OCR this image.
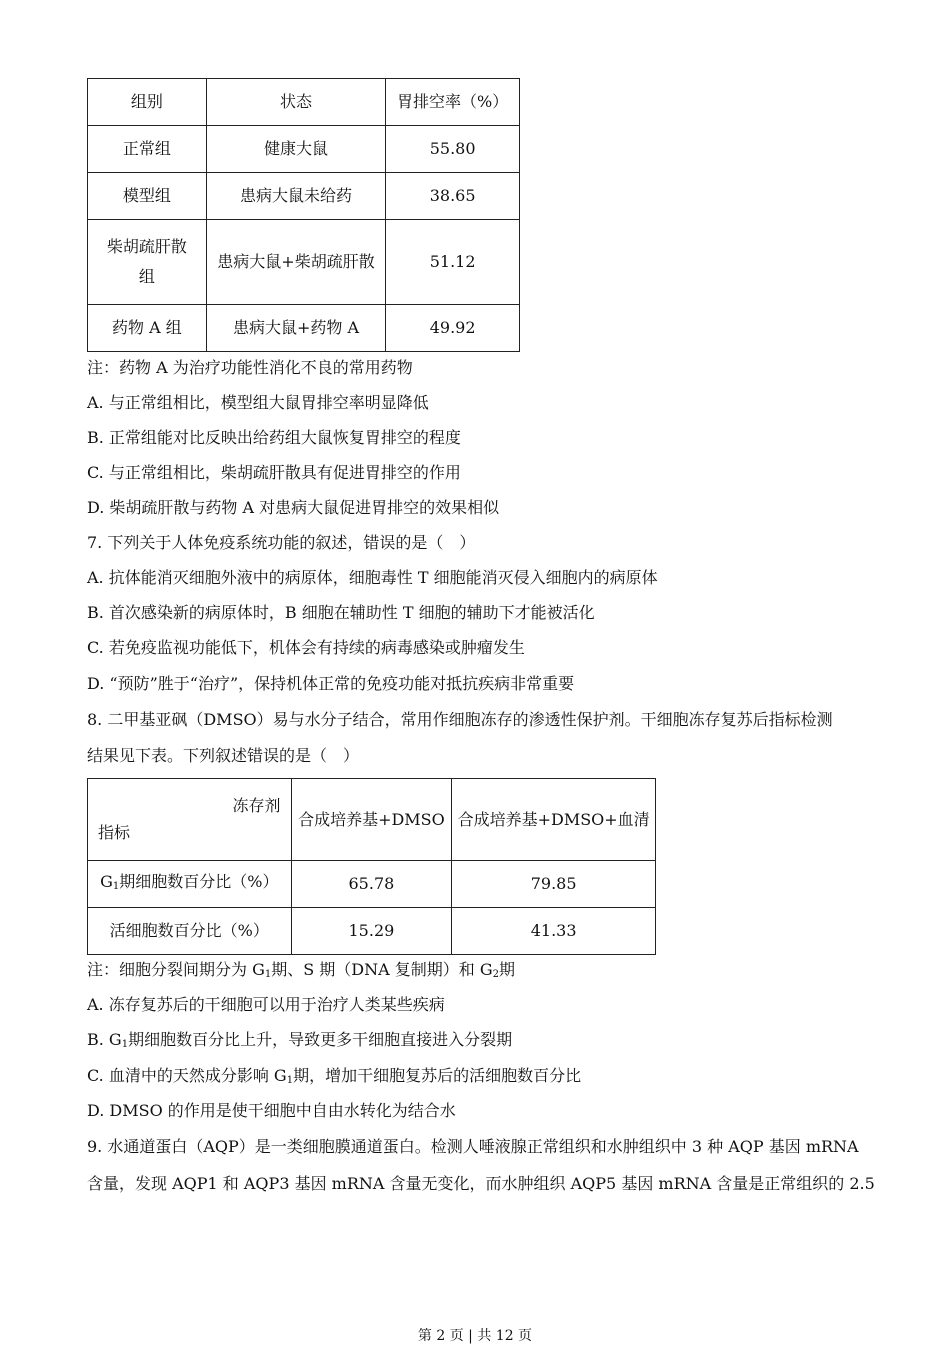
组别	状态	胃排空率（%）
正常组	健康大鼠	55.80
模型组	患病大鼠未给药	38.65
柴胡疏肝散组	患病大鼠+柴胡疏肝散	51.12
药物 A 组	患病大鼠+药物 A	49.92
注：药物 A 为治疗功能性消化不良的常用药物
A. 与正常组相比，模型组大鼠胃排空率明显降低
B. 正常组能对比反映出给药组大鼠恢复胃排空的程度
C. 与正常组相比，柴胡疏肝散具有促进胃排空的作用
D. 柴胡疏肝散与药物 A 对患病大鼠促进胃排空的效果相似
7. 下列关于人体免疫系统功能的叙述，错误的是（　）
A. 抗体能消灭细胞外液中的病原体，细胞毒性 T 细胞能消灭侵入细胞内的病原体
B. 首次感染新的病原体时，B 细胞在辅助性 T 细胞的辅助下才能被活化
C. 若免疫监视功能低下，机体会有持续的病毒感染或肿瘤发生
D. “预防”胜于“治疗”，保持机体正常的免疫功能对抵抗疾病非常重要
8. 二甲基亚砜（DMSO）易与水分子结合，常用作细胞冻存的渗透性保护剂。干细胞冻存复苏后指标检测
结果见下表。下列叙述错误的是（　）
冻存剂
指标	合成培养基+DMSO	合成培养基+DMSO+血清
$G_1$期细胞数百分比（%）	65.78	79.85
活细胞数百分比（%）	15.29	41.33
注：细胞分裂间期分为 $G_1$期、S 期（DNA 复制期）和 $G_2$期
A. 冻存复苏后的干细胞可以用于治疗人类某些疾病
B. $G_1$期细胞数百分比上升，导致更多干细胞直接进入分裂期
C. 血清中的天然成分影响 $G_1$期，增加干细胞复苏后的活细胞数百分比
D. DMSO 的作用是使干细胞中自由水转化为结合水
9. 水通道蛋白（AQP）是一类细胞膜通道蛋白。检测人唾液腺正常组织和水肿组织中 3 种 AQP 基因 mRNA
含量，发现 AQP1 和 AQP3 基因 mRNA 含量无变化，而水肿组织 AQP5 基因 mRNA 含量是正常组织的 2.5
第 2 页 | 共 12 页
